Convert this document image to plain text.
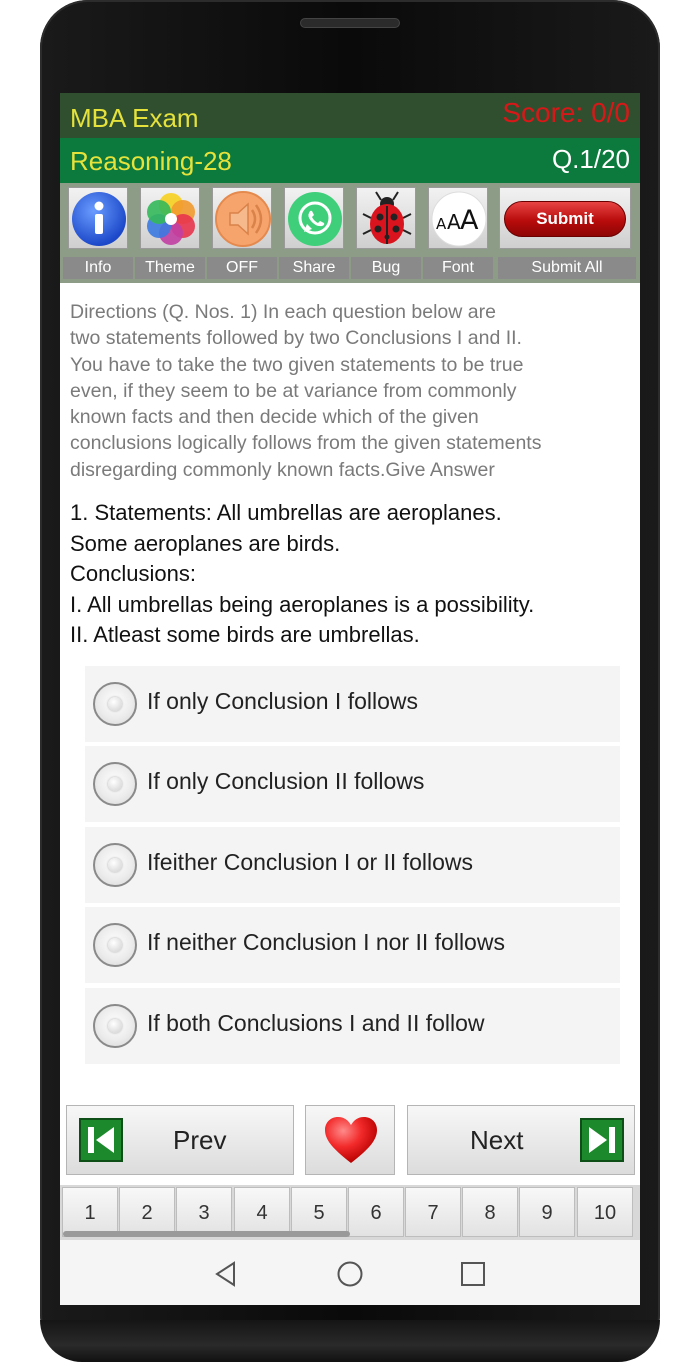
MBA Exam	Score: 0/0
Reasoning-28	Q.1/20
Info	Theme	OFF	Share	Bug
A A A
Font
Submit
Submit All
Directions (Q. Nos. 1) In each question below are
two statements followed by two Conclusions I and II.
You have to take the two given statements to be true
even, if they seem to be at variance from commonly
known facts and then decide which of the given
conclusions logically follows from the given statements
disregarding commonly known facts.Give Answer
1. Statements: All umbrellas are aeroplanes.
Some aeroplanes are birds.
Conclusions:
I. All umbrellas being aeroplanes is a possibility.
II. Atleast some birds are umbrellas.
If only Conclusion I follows
If only Conclusion II follows
Ifeither Conclusion I or II follows
If neither Conclusion I nor II follows
If both Conclusions I and II follow
Prev	Next
1	2	3	4	5	6	7	8	9	10
